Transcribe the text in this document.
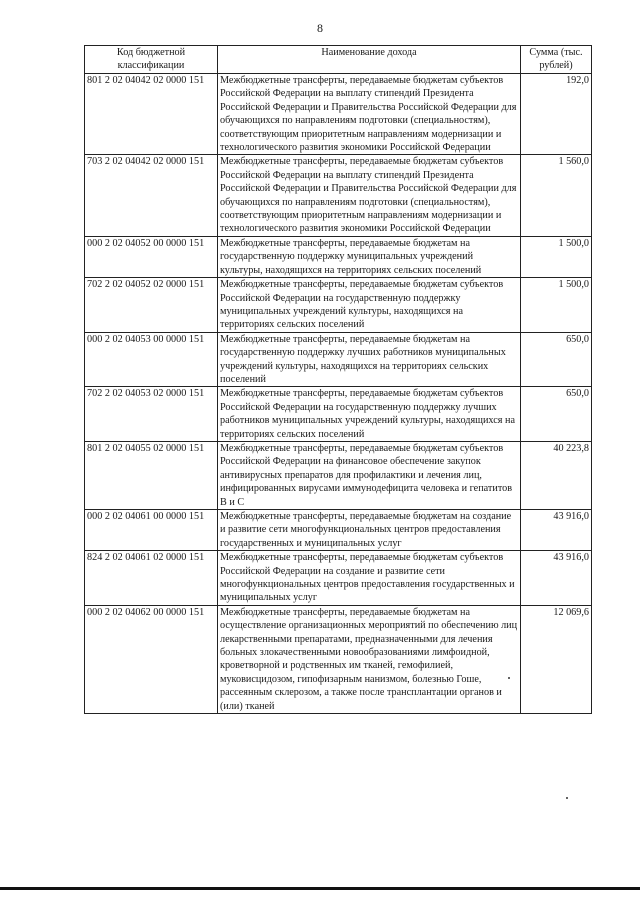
8
Код бюджетной классификации	Наименование дохода	Сумма (тыс. рублей)
801 2 02 04042 02 0000 151	Межбюджетные трансферты, передаваемые бюджетам субъектов Российской Федерации на выплату стипендий Президента Российской Федерации и Правительства Российской Федерации для обучающихся по направлениям подготовки (специальностям), соответствующим приоритетным направлениям модернизации и технологического развития экономики Российской Федерации	192,0
703 2 02 04042 02 0000 151	Межбюджетные трансферты, передаваемые бюджетам субъектов Российской Федерации на выплату стипендий Президента Российской Федерации и Правительства Российской Федерации для обучающихся по направлениям подготовки (специальностям), соответствующим приоритетным направлениям модернизации и технологического развития экономики Российской Федерации	1 560,0
000 2 02 04052 00 0000 151	Межбюджетные трансферты, передаваемые бюджетам на государственную поддержку муниципальных учреждений культуры, находящихся на территориях сельских поселений	1 500,0
702 2 02 04052 02 0000 151	Межбюджетные трансферты, передаваемые бюджетам субъектов Российской Федерации на государственную поддержку муниципальных учреждений культуры, находящихся на территориях сельских поселений	1 500,0
000 2 02 04053 00 0000 151	Межбюджетные трансферты, передаваемые бюджетам на государственную поддержку лучших работников муниципальных учреждений культуры, находящихся на территориях сельских поселений	650,0
702 2 02 04053 02 0000 151	Межбюджетные трансферты, передаваемые бюджетам субъектов Российской Федерации на государственную поддержку лучших работников муниципальных учреждений культуры, находящихся на территориях сельских поселений	650,0
801 2 02 04055 02 0000 151	Межбюджетные трансферты, передаваемые бюджетам субъектов Российской Федерации на финансовое обеспечение закупок антивирусных препаратов для профилактики и лечения лиц, инфицированных вирусами иммунодефицита человека и гепатитов В и С	40 223,8
000 2 02 04061 00 0000 151	Межбюджетные трансферты, передаваемые бюджетам на создание и развитие сети многофункциональных центров предоставления государственных и муниципальных услуг	43 916,0
824 2 02 04061 02 0000 151	Межбюджетные трансферты, передаваемые бюджетам субъектов Российской Федерации на создание и развитие сети многофункциональных центров предоставления государственных и муниципальных услуг	43 916,0
000 2 02 04062 00 0000 151	Межбюджетные трансферты, передаваемые бюджетам на осуществление организационных мероприятий по обеспечению лиц лекарственными препаратами, предназначенными для лечения больных злокачественными новообразованиями лимфоидной, кроветворной и родственных им тканей, гемофилией, муковисцидозом, гипофизарным нанизмом, болезнью Гоше, рассеянным склерозом, а также после трансплантации органов и (или) тканей	12 069,6
